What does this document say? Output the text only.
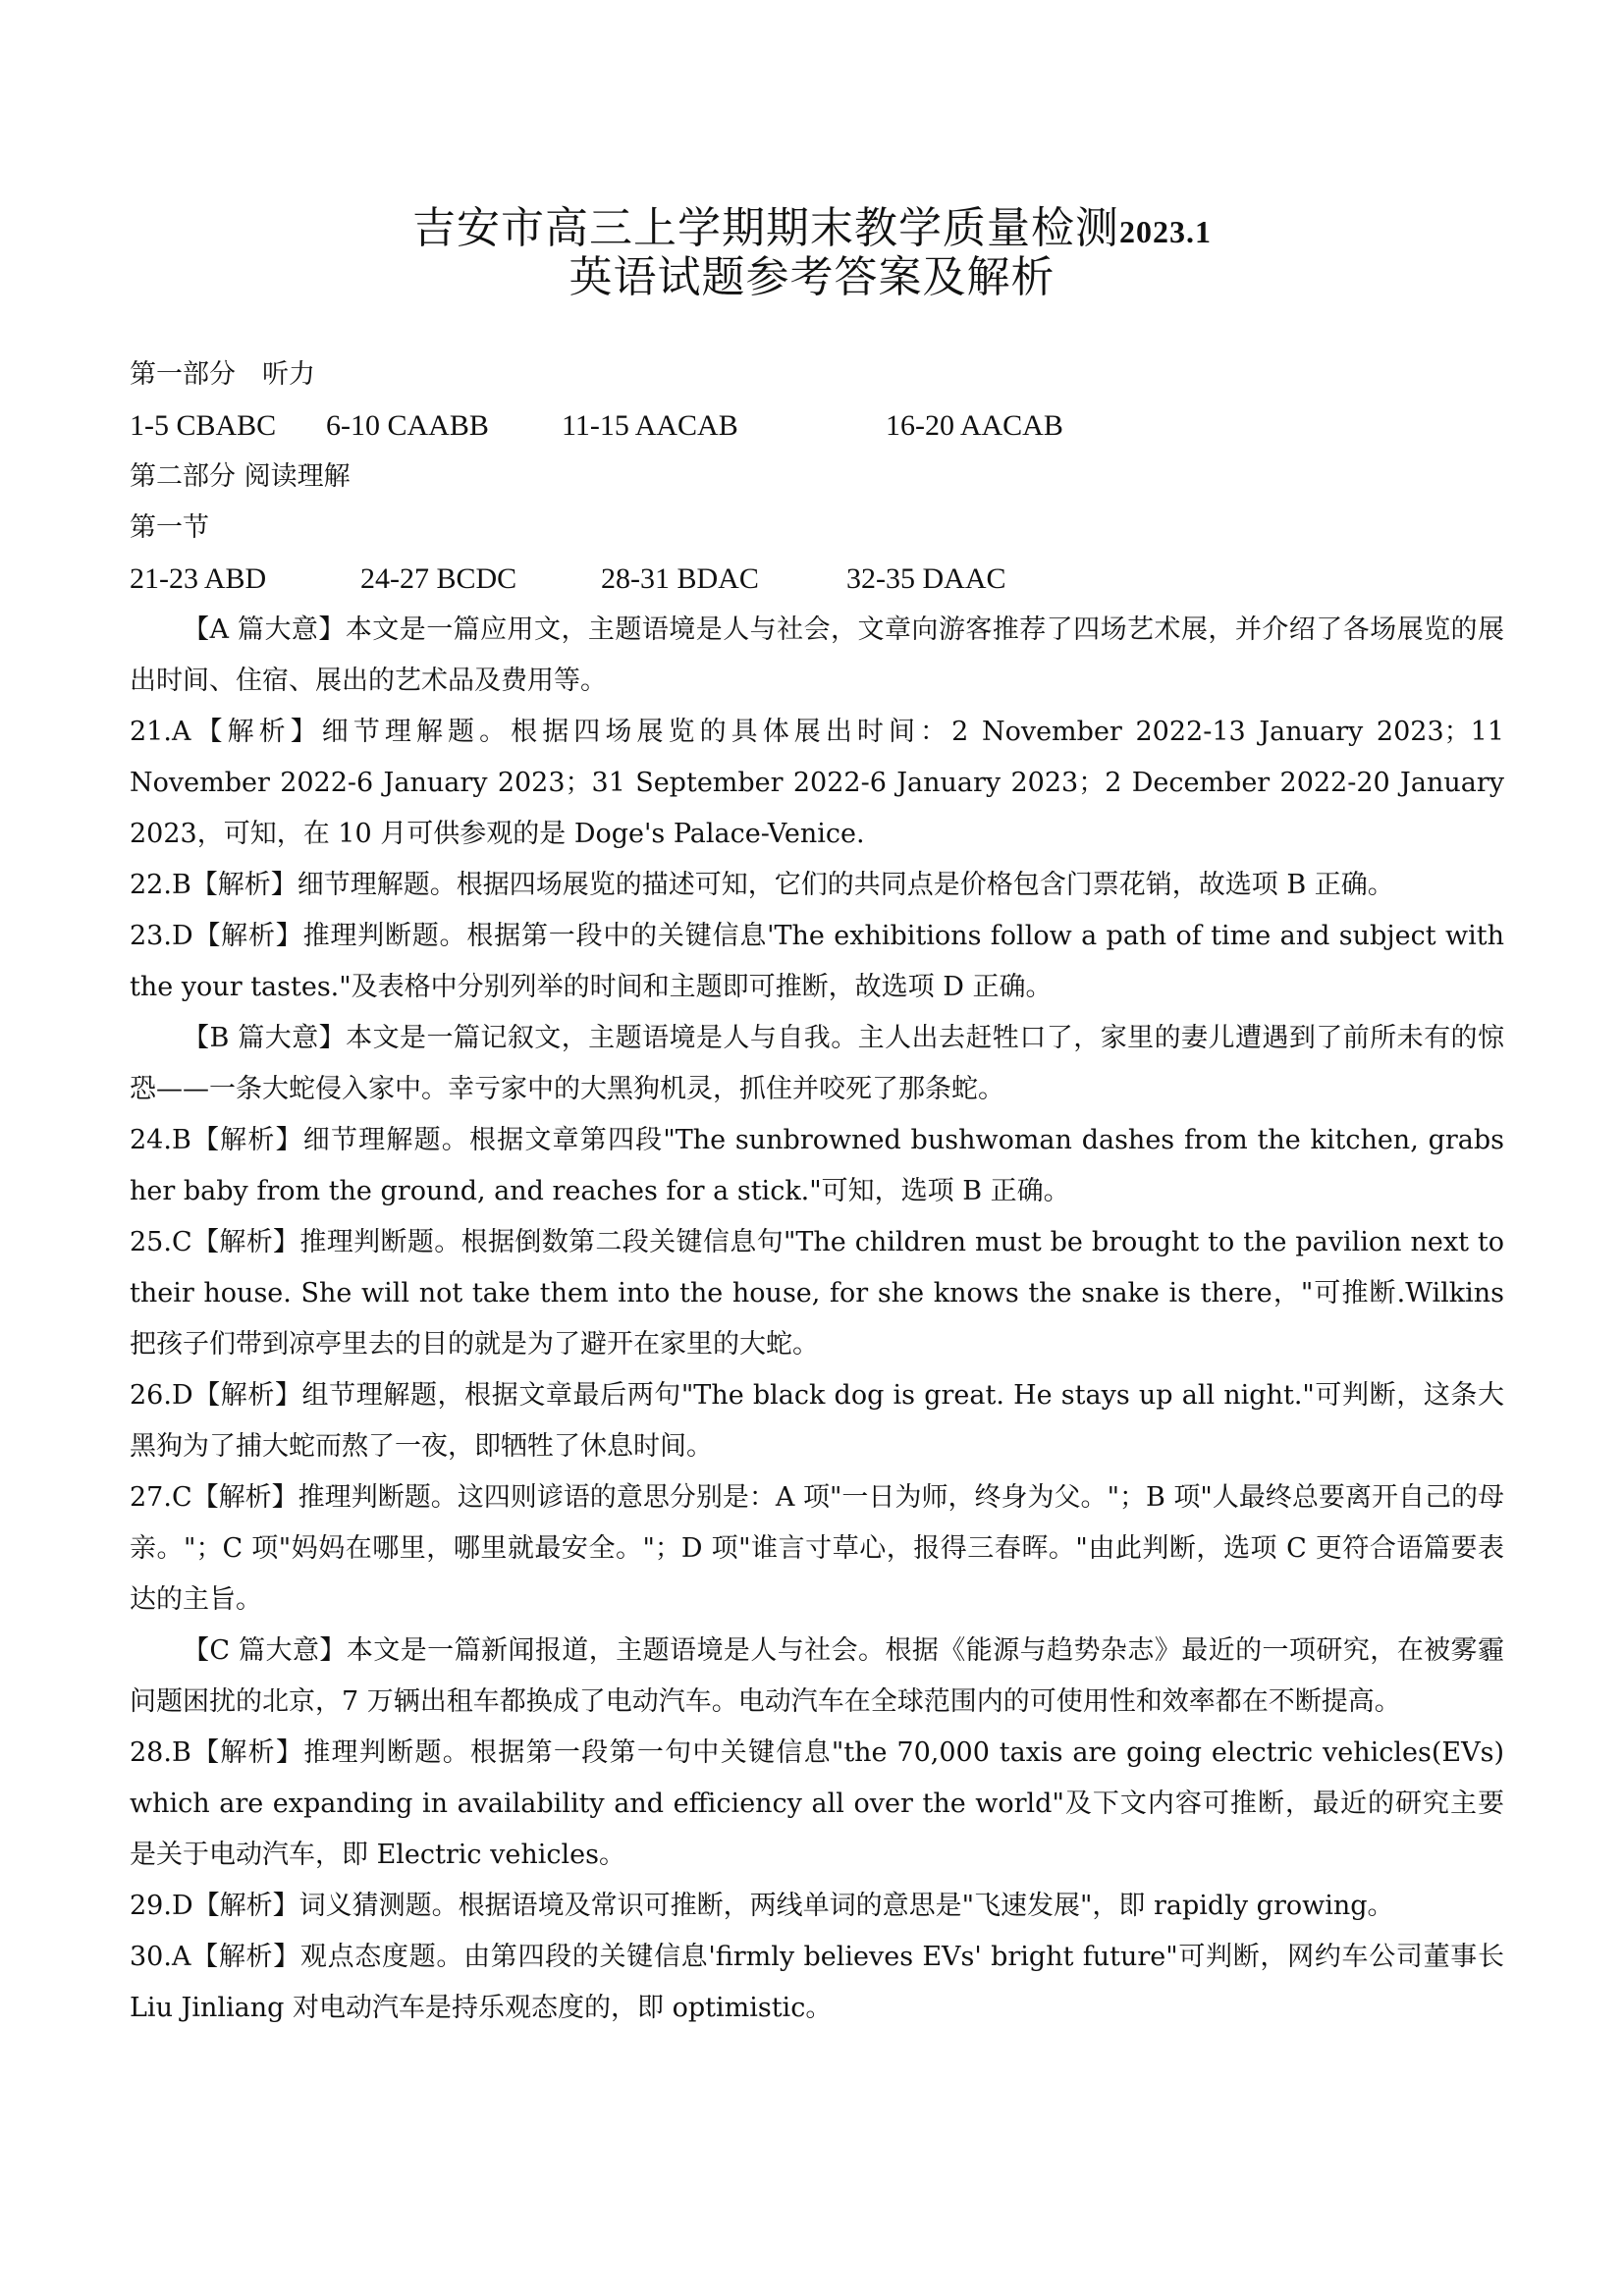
吉安市高三上学期期末教学质量检测2023.1
英语试题参考答案及解析
第一部分　听力
1-5 CBABC	6-10 CAABB	11-15 AACAB	16-20 AACAB
第二部分 阅读理解
第一节
21-23 ABD	24-27 BCDC	28-31 BDAC	32-35 DAAC
【A 篇大意】本文是一篇应用文，主题语境是人与社会，文章向游客推荐了四场艺术展，并介绍了各场展览的展出时间、住宿、展出的艺术品及费用等。
21.A【解析】细节理解题。根据四场展览的具体展出时间：2 November 2022-13 January 2023；11 November 2022-6 January 2023；31 September 2022-6 January 2023；2 December 2022-20 January 2023，可知，在 10 月可供参观的是 Doge's Palace-Venice.
22.B【解析】细节理解题。根据四场展览的描述可知，它们的共同点是价格包含门票花销，故选项 B 正确。
23.D【解析】推理判断题。根据第一段中的关键信息'The exhibitions follow a path of time and subject with the your tastes."及表格中分别列举的时间和主题即可推断，故选项 D 正确。
【B 篇大意】本文是一篇记叙文，主题语境是人与自我。主人出去赶牲口了，家里的妻儿遭遇到了前所未有的惊恐——一条大蛇侵入家中。幸亏家中的大黑狗机灵，抓住并咬死了那条蛇。
24.B【解析】细节理解题。根据文章第四段"The sunbrowned bushwoman dashes from the kitchen, grabs her baby from the ground, and reaches for a stick."可知，选项 B 正确。
25.C【解析】推理判断题。根据倒数第二段关键信息句"The children must be brought to the pavilion next to their house. She will not take them into the house, for she knows the snake is there，"可推断.Wilkins 把孩子们带到凉亭里去的目的就是为了避开在家里的大蛇。
26.D【解析】组节理解题，根据文章最后两句"The black dog is great. He stays up all night."可判断，这条大黑狗为了捕大蛇而熬了一夜，即牺牲了休息时间。
27.C【解析】推理判断题。这四则谚语的意思分别是：A 项"一日为师，终身为父。"；B 项"人最终总要离开自己的母亲。"；C 项"妈妈在哪里，哪里就最安全。"；D 项"谁言寸草心，报得三春晖。"由此判断，选项 C 更符合语篇要表达的主旨。
【C 篇大意】本文是一篇新闻报道，主题语境是人与社会。根据《能源与趋势杂志》最近的一项研究，在被雾霾问题困扰的北京，7 万辆出租车都换成了电动汽车。电动汽车在全球范围内的可使用性和效率都在不断提高。
28.B【解析】推理判断题。根据第一段第一句中关键信息"the 70,000 taxis are going electric vehicles(EVs) which are expanding in availability and efficiency all over the world"及下文内容可推断，最近的研究主要是关于电动汽车，即 Electric vehicles。
29.D【解析】词义猜测题。根据语境及常识可推断，两线单词的意思是"飞速发展"，即 rapidly growing。
30.A【解析】观点态度题。由第四段的关键信息'firmly believes EVs' bright future"可判断，网约车公司董事长 Liu Jinliang 对电动汽车是持乐观态度的，即 optimistic。
